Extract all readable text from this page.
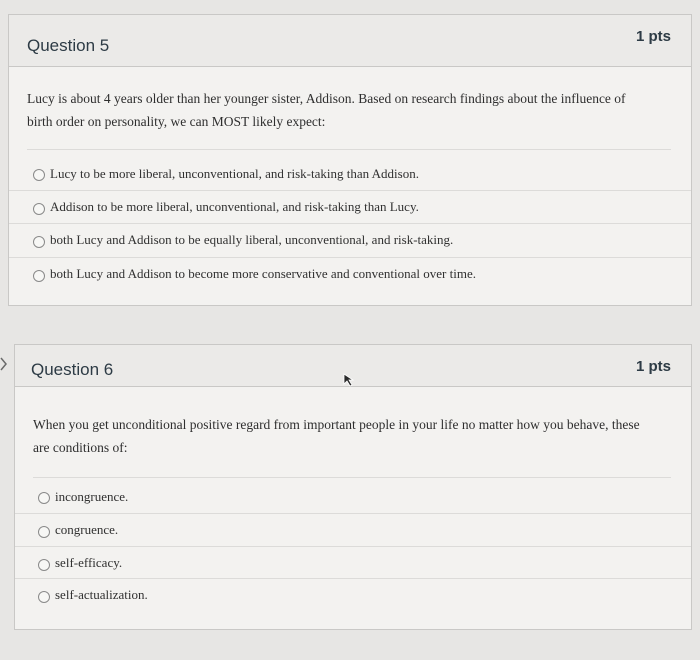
Question 5	1 pts
Lucy is about 4 years older than her younger sister, Addison. Based on research findings about the influence of
birth order on personality, we can MOST likely expect:
Lucy to be more liberal, unconventional, and risk-taking than Addison.
Addison to be more liberal, unconventional, and risk-taking than Lucy.
both Lucy and Addison to be equally liberal, unconventional, and risk-taking.
both Lucy and Addison to become more conservative and conventional over time.
Question 6	1 pts
When you get unconditional positive regard from important people in your life no matter how you behave, these
are conditions of:
incongruence.
congruence.
self-efficacy.
self-actualization.
